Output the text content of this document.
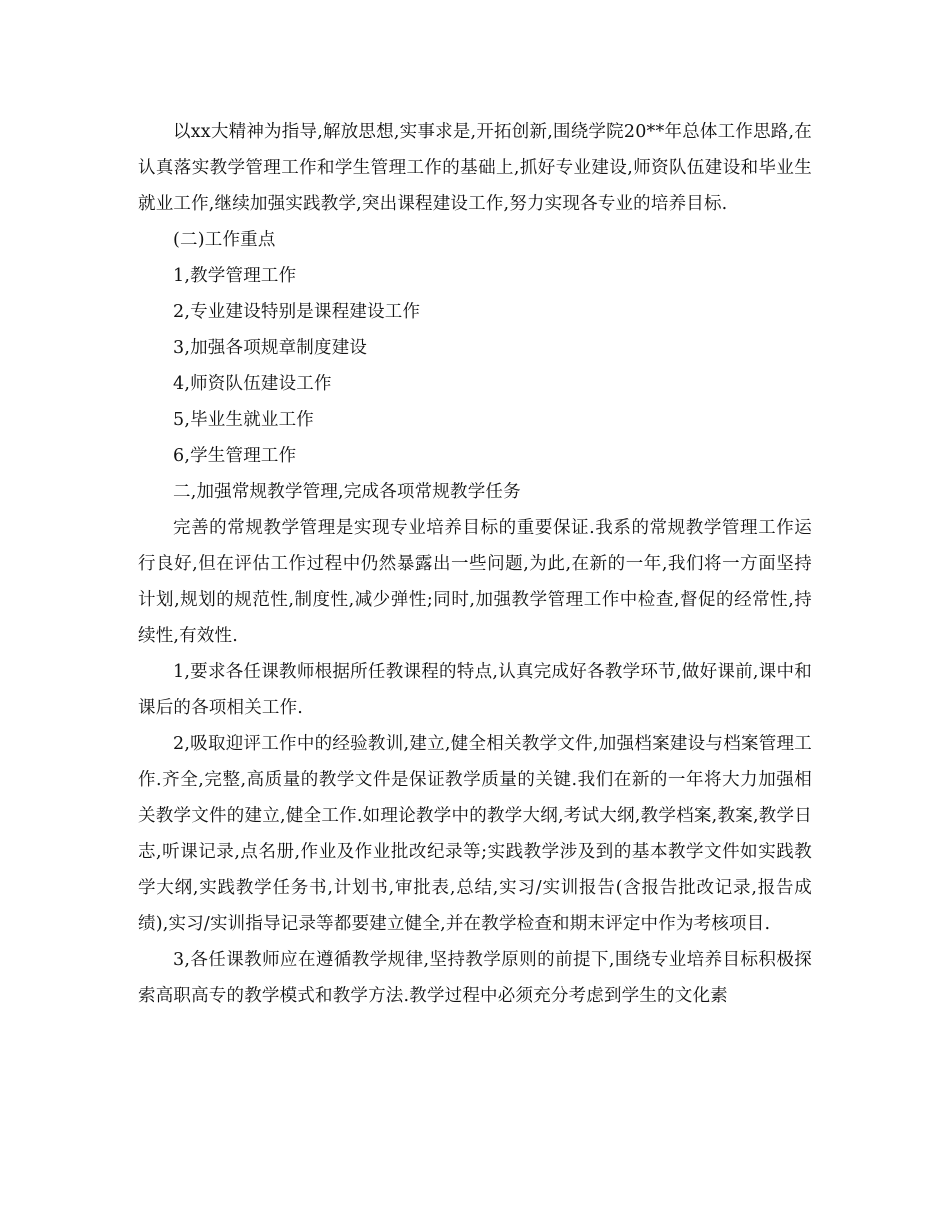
以xx大精神为指导,解放思想,实事求是,开拓创新,围绕学院20**年总体工作思路,在认真落实教学管理工作和学生管理工作的基础上,抓好专业建设,师资队伍建设和毕业生就业工作,继续加强实践教学,突出课程建设工作,努力实现各专业的培养目标.

(二)工作重点

1,教学管理工作

2,专业建设特别是课程建设工作

3,加强各项规章制度建设

4,师资队伍建设工作

5,毕业生就业工作

6,学生管理工作

二,加强常规教学管理,完成各项常规教学任务

完善的常规教学管理是实现专业培养目标的重要保证.我系的常规教学管理工作运行良好,但在评估工作过程中仍然暴露出一些问题,为此,在新的一年,我们将一方面坚持计划,规划的规范性,制度性,减少弹性;同时,加强教学管理工作中检查,督促的经常性,持续性,有效性.

1,要求各任课教师根据所任教课程的特点,认真完成好各教学环节,做好课前,课中和课后的各项相关工作.

2,吸取迎评工作中的经验教训,建立,健全相关教学文件,加强档案建设与档案管理工作.齐全,完整,高质量的教学文件是保证教学质量的关键.我们在新的一年将大力加强相关教学文件的建立,健全工作.如理论教学中的教学大纲,考试大纲,教学档案,教案,教学日志,听课记录,点名册,作业及作业批改纪录等;实践教学涉及到的基本教学文件如实践教学大纲,实践教学任务书,计划书,审批表,总结,实习/实训报告(含报告批改记录,报告成绩),实习/实训指导记录等都要建立健全,并在教学检查和期末评定中作为考核项目.

3,各任课教师应在遵循教学规律,坚持教学原则的前提下,围绕专业培养目标积极探索高职高专的教学模式和教学方法.教学过程中必须充分考虑到学生的文化素
